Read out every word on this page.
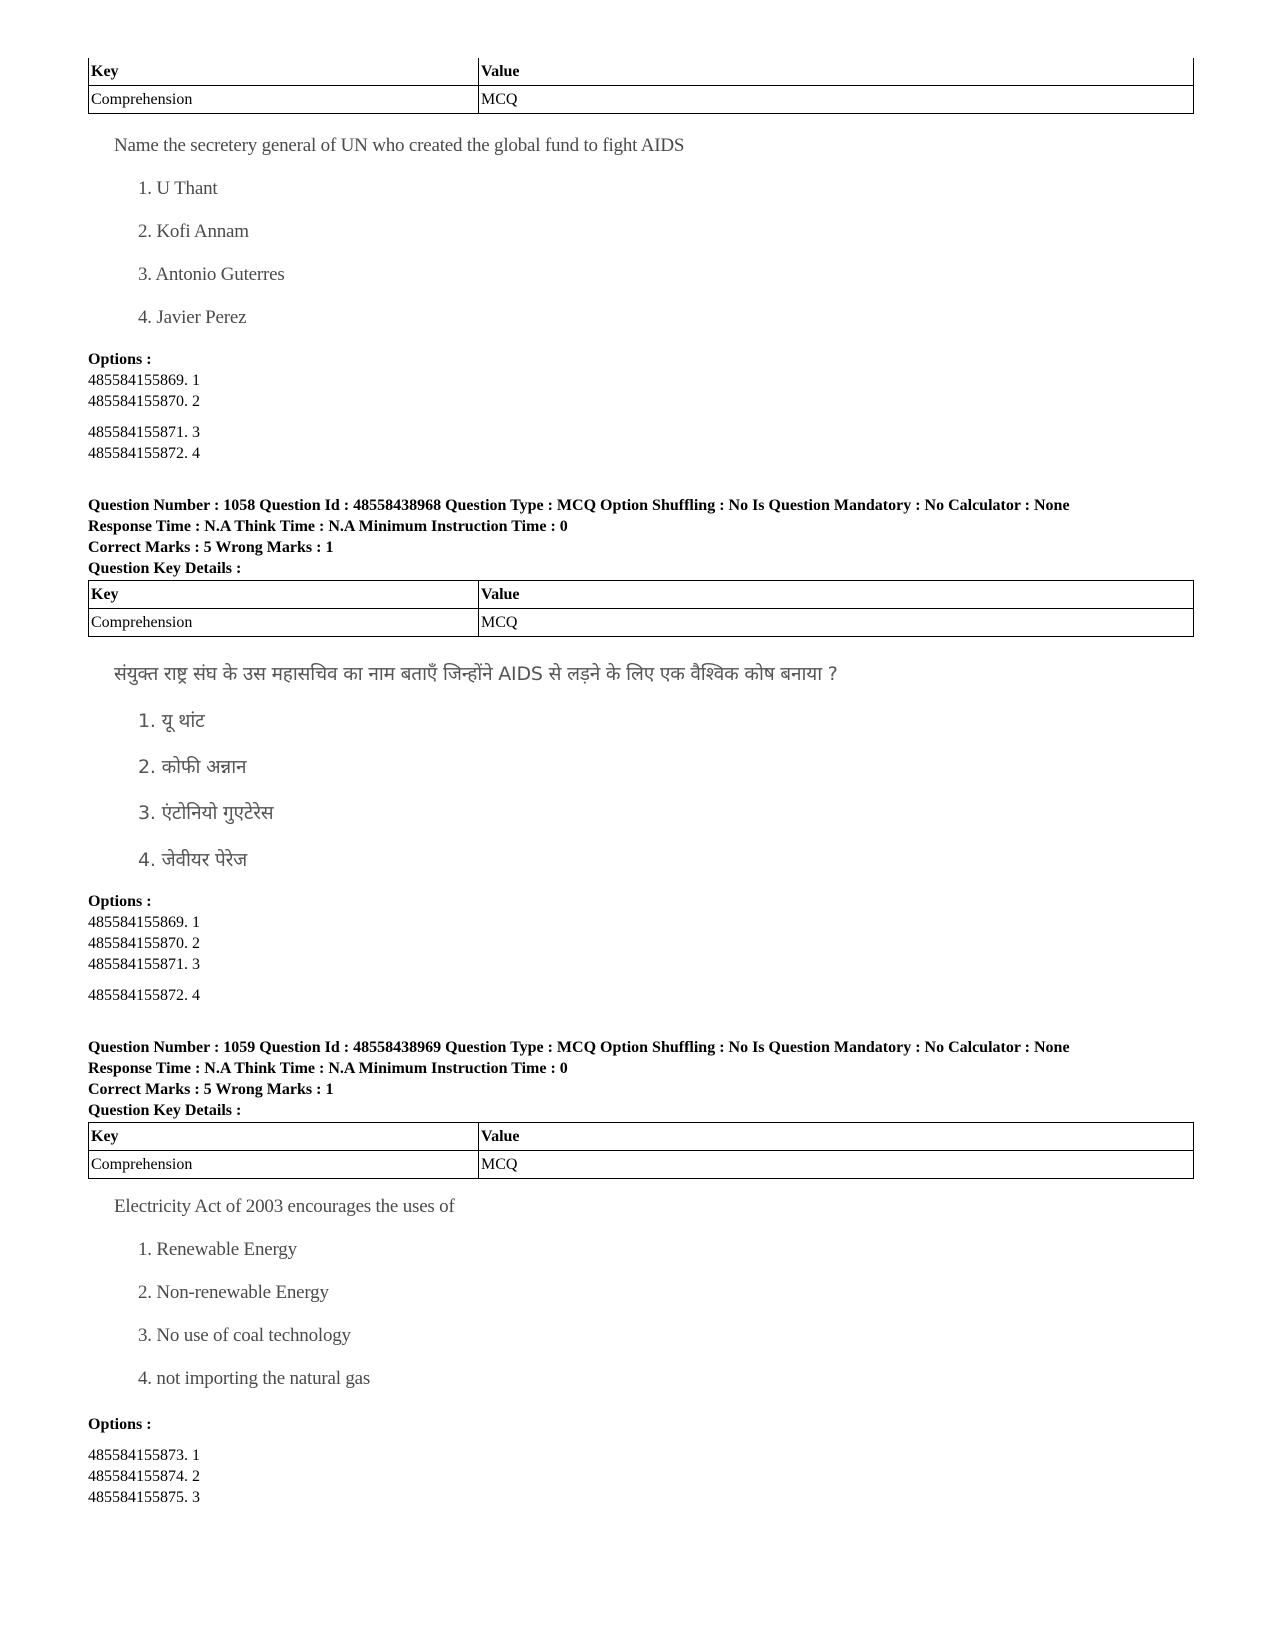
Key	Value
Comprehension	MCQ
Name the secretery general of UN who created the global fund to fight AIDS
1. U Thant
2. Kofi Annam
3. Antonio Guterres
4. Javier Perez
Options :
485584155869. 1
485584155870. 2
485584155871. 3
485584155872. 4
Question Number : 1058 Question Id : 48558438968 Question Type : MCQ Option Shuffling : No Is Question Mandatory : No Calculator : None
Response Time : N.A Think Time : N.A Minimum Instruction Time : 0
Correct Marks : 5 Wrong Marks : 1
Question Key Details :
Key	Value
Comprehension	MCQ
संयुक्त राष्ट्र संघ के उस महासचिव का नाम बताएँ जिन्होंने AIDS से लड़ने के लिए एक वैश्विक कोष बनाया ?
1. यू थांट
2. कोफी अन्नान
3. एंटोनियो गुएटेरेस
4. जेवीयर पेरेज
Options :
485584155869. 1
485584155870. 2
485584155871. 3
485584155872. 4
Question Number : 1059 Question Id : 48558438969 Question Type : MCQ Option Shuffling : No Is Question Mandatory : No Calculator : None
Response Time : N.A Think Time : N.A Minimum Instruction Time : 0
Correct Marks : 5 Wrong Marks : 1
Question Key Details :
Key	Value
Comprehension	MCQ
Electricity Act of 2003 encourages the uses of
1. Renewable Energy
2. Non-renewable Energy
3. No use of coal technology
4. not importing the natural gas
Options :
485584155873. 1
485584155874. 2
485584155875. 3
